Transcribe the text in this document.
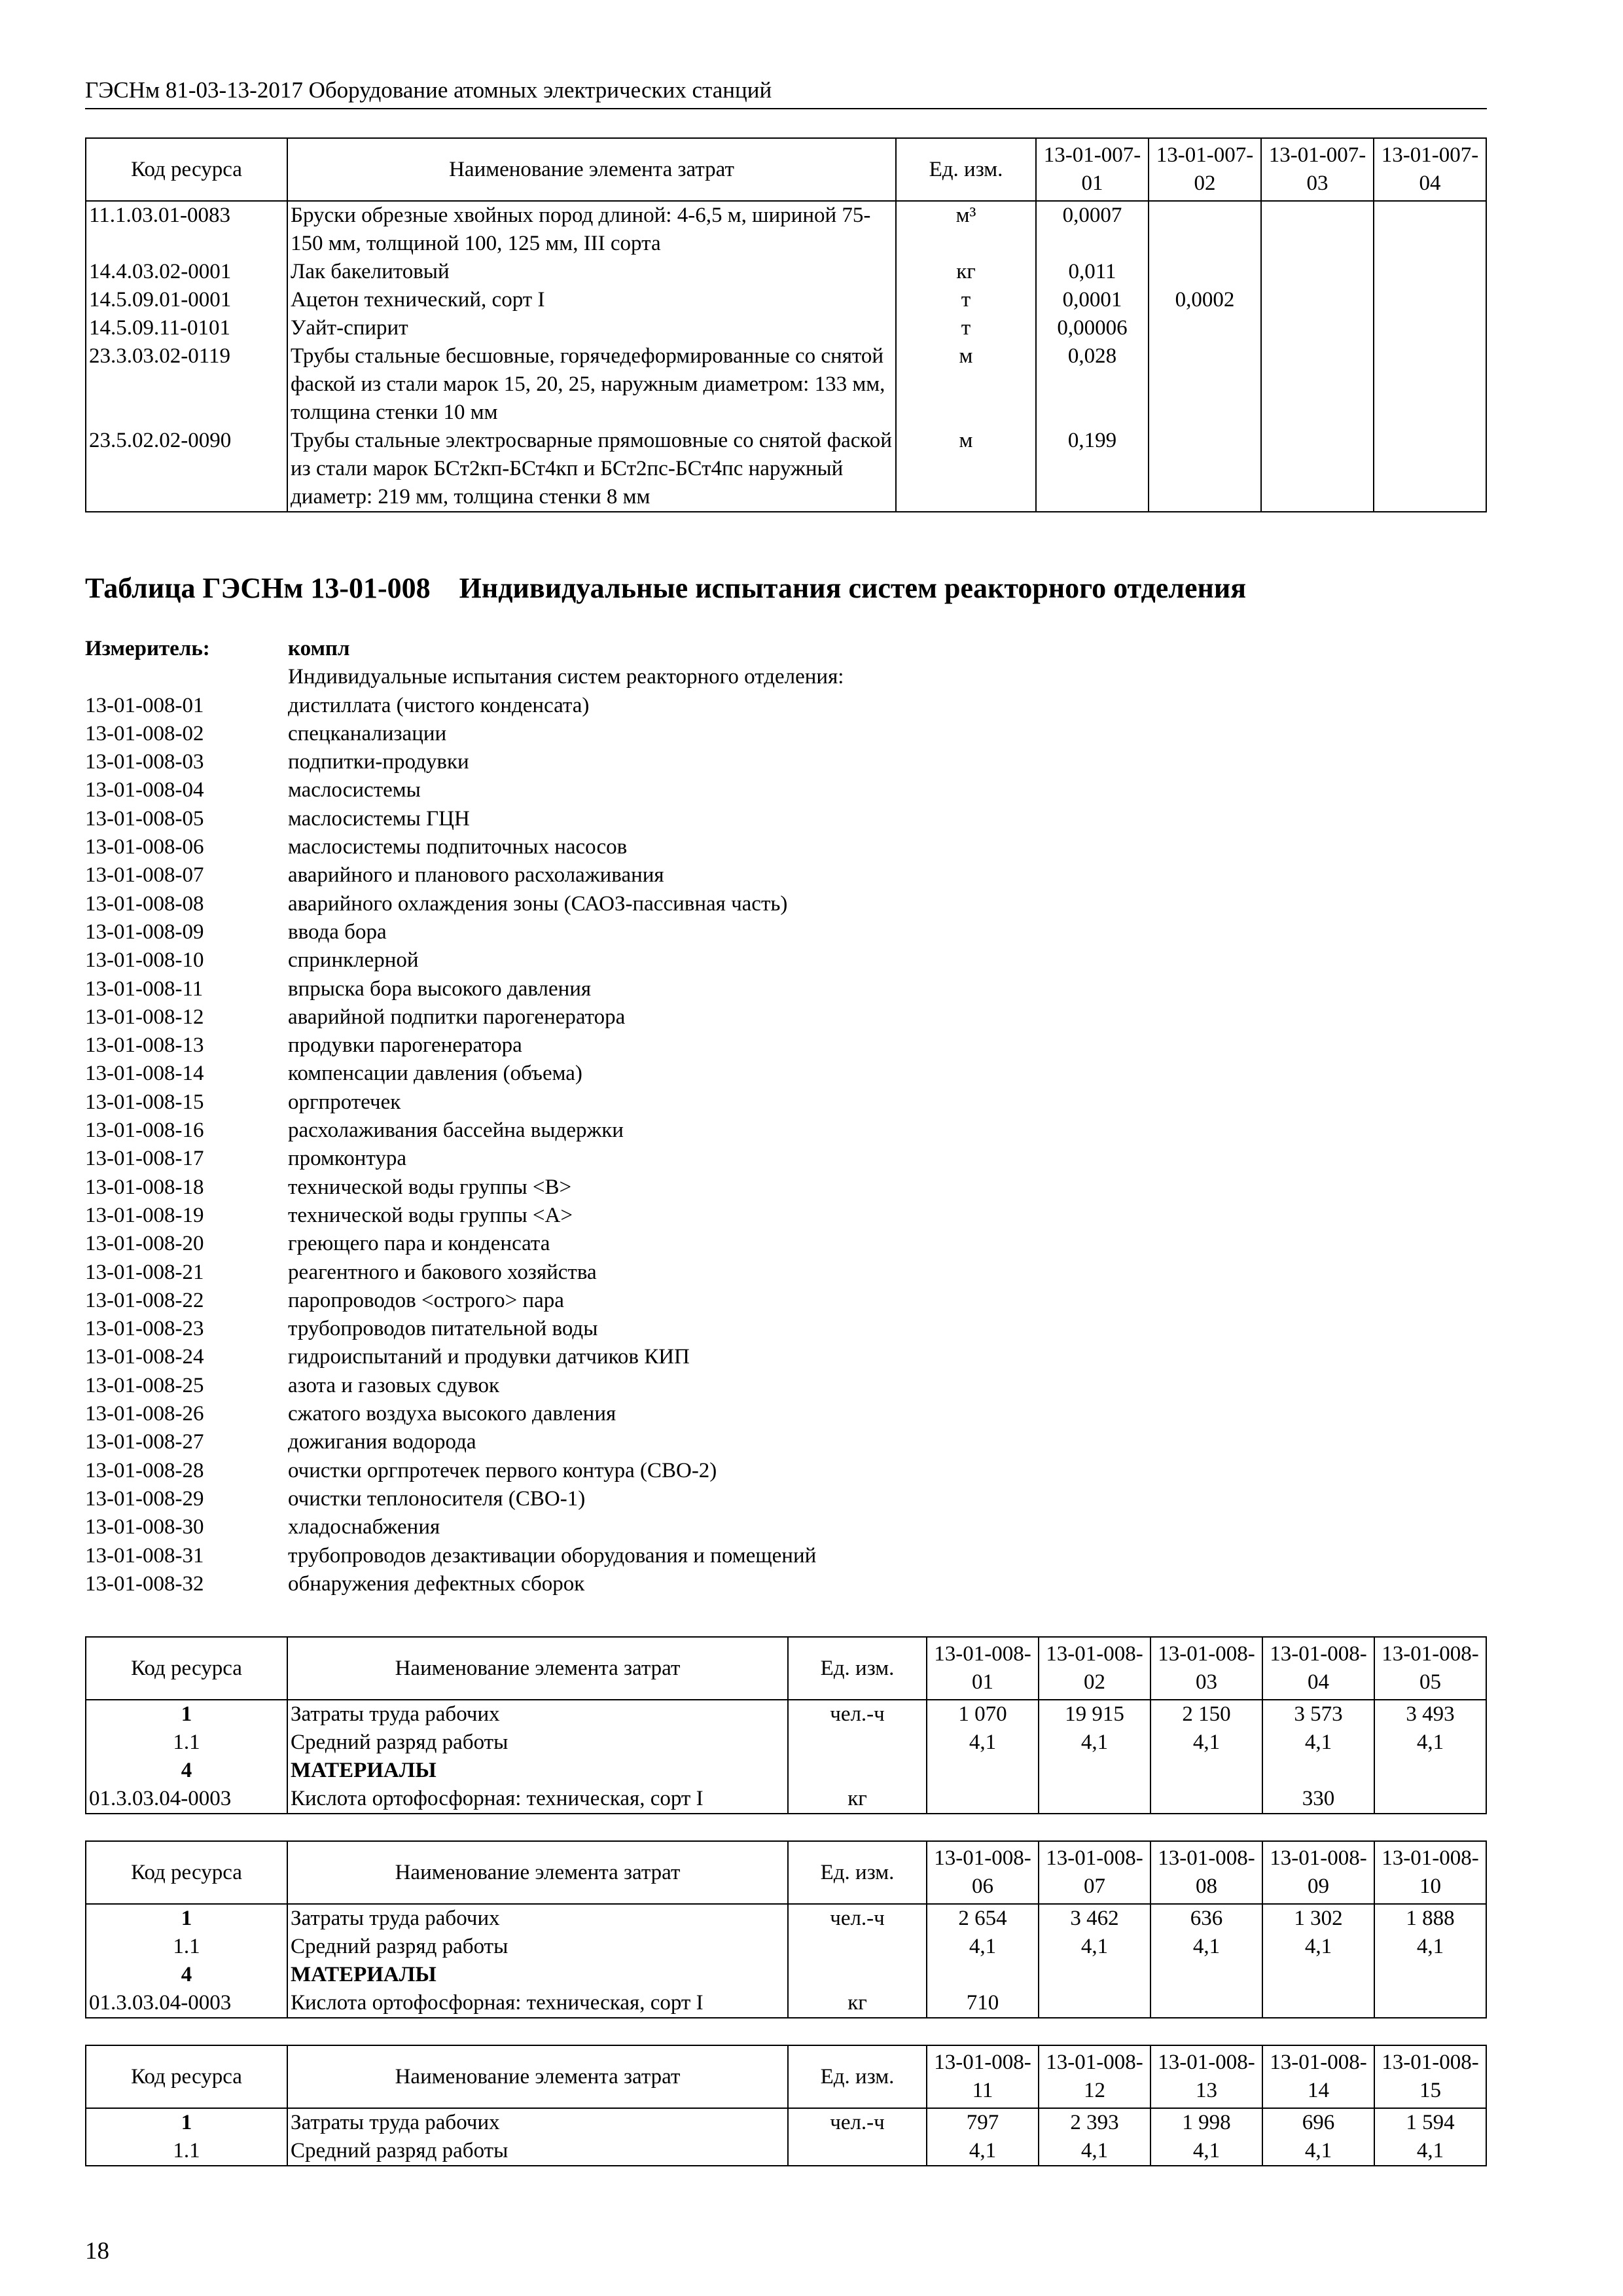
ГЭСНм 81-03-13-2017 Оборудование атомных электрических станций
Код ресурса	Наименование элемента затрат	Ед. изм.	13-01-007-01	13-01-007-02	13-01-007-03	13-01-007-04
11.1.03.01-0083	Бруски обрезные хвойных пород длиной: 4-6,5 м, шириной 75-150 мм, толщиной 100, 125 мм, III сорта	м³	0,0007			
14.4.03.02-0001	Лак бакелитовый	кг	0,011			
14.5.09.01-0001	Ацетон технический, сорт I	т	0,0001	0,0002		
14.5.09.11-0101	Уайт-спирит	т	0,00006			
23.3.03.02-0119	Трубы стальные бесшовные, горячедеформированные со снятой фаской из стали марок 15, 20, 25, наружным диаметром: 133 мм, толщина стенки 10 мм	м	0,028			
23.5.02.02-0090	Трубы стальные электросварные прямошовные со снятой фаской из стали марок БСт2кп-БСт4кп и БСт2пс-БСт4пс наружный диаметр: 219 мм, толщина стенки 8 мм	м	0,199			
Таблица ГЭСНм 13-01-008    Индивидуальные испытания систем реакторного отделения
Измеритель:	компл
Индивидуальные испытания систем реакторного отделения:
13-01-008-01	дистиллата (чистого конденсата)
13-01-008-02	спецканализации
13-01-008-03	подпитки-продувки
13-01-008-04	маслосистемы
13-01-008-05	маслосистемы ГЦН
13-01-008-06	маслосистемы подпиточных насосов
13-01-008-07	аварийного и планового расхолаживания
13-01-008-08	аварийного охлаждения зоны (САОЗ-пассивная часть)
13-01-008-09	ввода бора
13-01-008-10	спринклерной
13-01-008-11	впрыска бора высокого давления
13-01-008-12	аварийной подпитки парогенератора
13-01-008-13	продувки парогенератора
13-01-008-14	компенсации давления (объема)
13-01-008-15	оргпротечек
13-01-008-16	расхолаживания бассейна выдержки
13-01-008-17	промконтура
13-01-008-18	технической воды группы <B>
13-01-008-19	технической воды группы <А>
13-01-008-20	греющего пара и конденсата
13-01-008-21	реагентного и бакового хозяйства
13-01-008-22	паропроводов <острого> пара
13-01-008-23	трубопроводов питательной воды
13-01-008-24	гидроиспытаний и продувки датчиков КИП
13-01-008-25	азота и газовых сдувок
13-01-008-26	сжатого воздуха высокого давления
13-01-008-27	дожигания водорода
13-01-008-28	очистки оргпротечек первого контура (СВО-2)
13-01-008-29	очистки теплоносителя (СВО-1)
13-01-008-30	хладоснабжения
13-01-008-31	трубопроводов дезактивации оборудования и помещений
13-01-008-32	обнаружения дефектных сборок
Код ресурса	Наименование элемента затрат	Ед. изм.	13-01-008-01	13-01-008-02	13-01-008-03	13-01-008-04	13-01-008-05
1	Затраты труда рабочих	чел.-ч	1 070	19 915	2 150	3 573	3 493
1.1	Средний разряд работы		4,1	4,1	4,1	4,1	4,1
4	МАТЕРИАЛЫ						
01.3.03.04-0003	Кислота ортофосфорная: техническая, сорт I	кг				330	
Код ресурса	Наименование элемента затрат	Ед. изм.	13-01-008-06	13-01-008-07	13-01-008-08	13-01-008-09	13-01-008-10
1	Затраты труда рабочих	чел.-ч	2 654	3 462	636	1 302	1 888
1.1	Средний разряд работы		4,1	4,1	4,1	4,1	4,1
4	МАТЕРИАЛЫ						
01.3.03.04-0003	Кислота ортофосфорная: техническая, сорт I	кг	710				
Код ресурса	Наименование элемента затрат	Ед. изм.	13-01-008-11	13-01-008-12	13-01-008-13	13-01-008-14	13-01-008-15
1	Затраты труда рабочих	чел.-ч	797	2 393	1 998	696	1 594
1.1	Средний разряд работы		4,1	4,1	4,1	4,1	4,1
18
